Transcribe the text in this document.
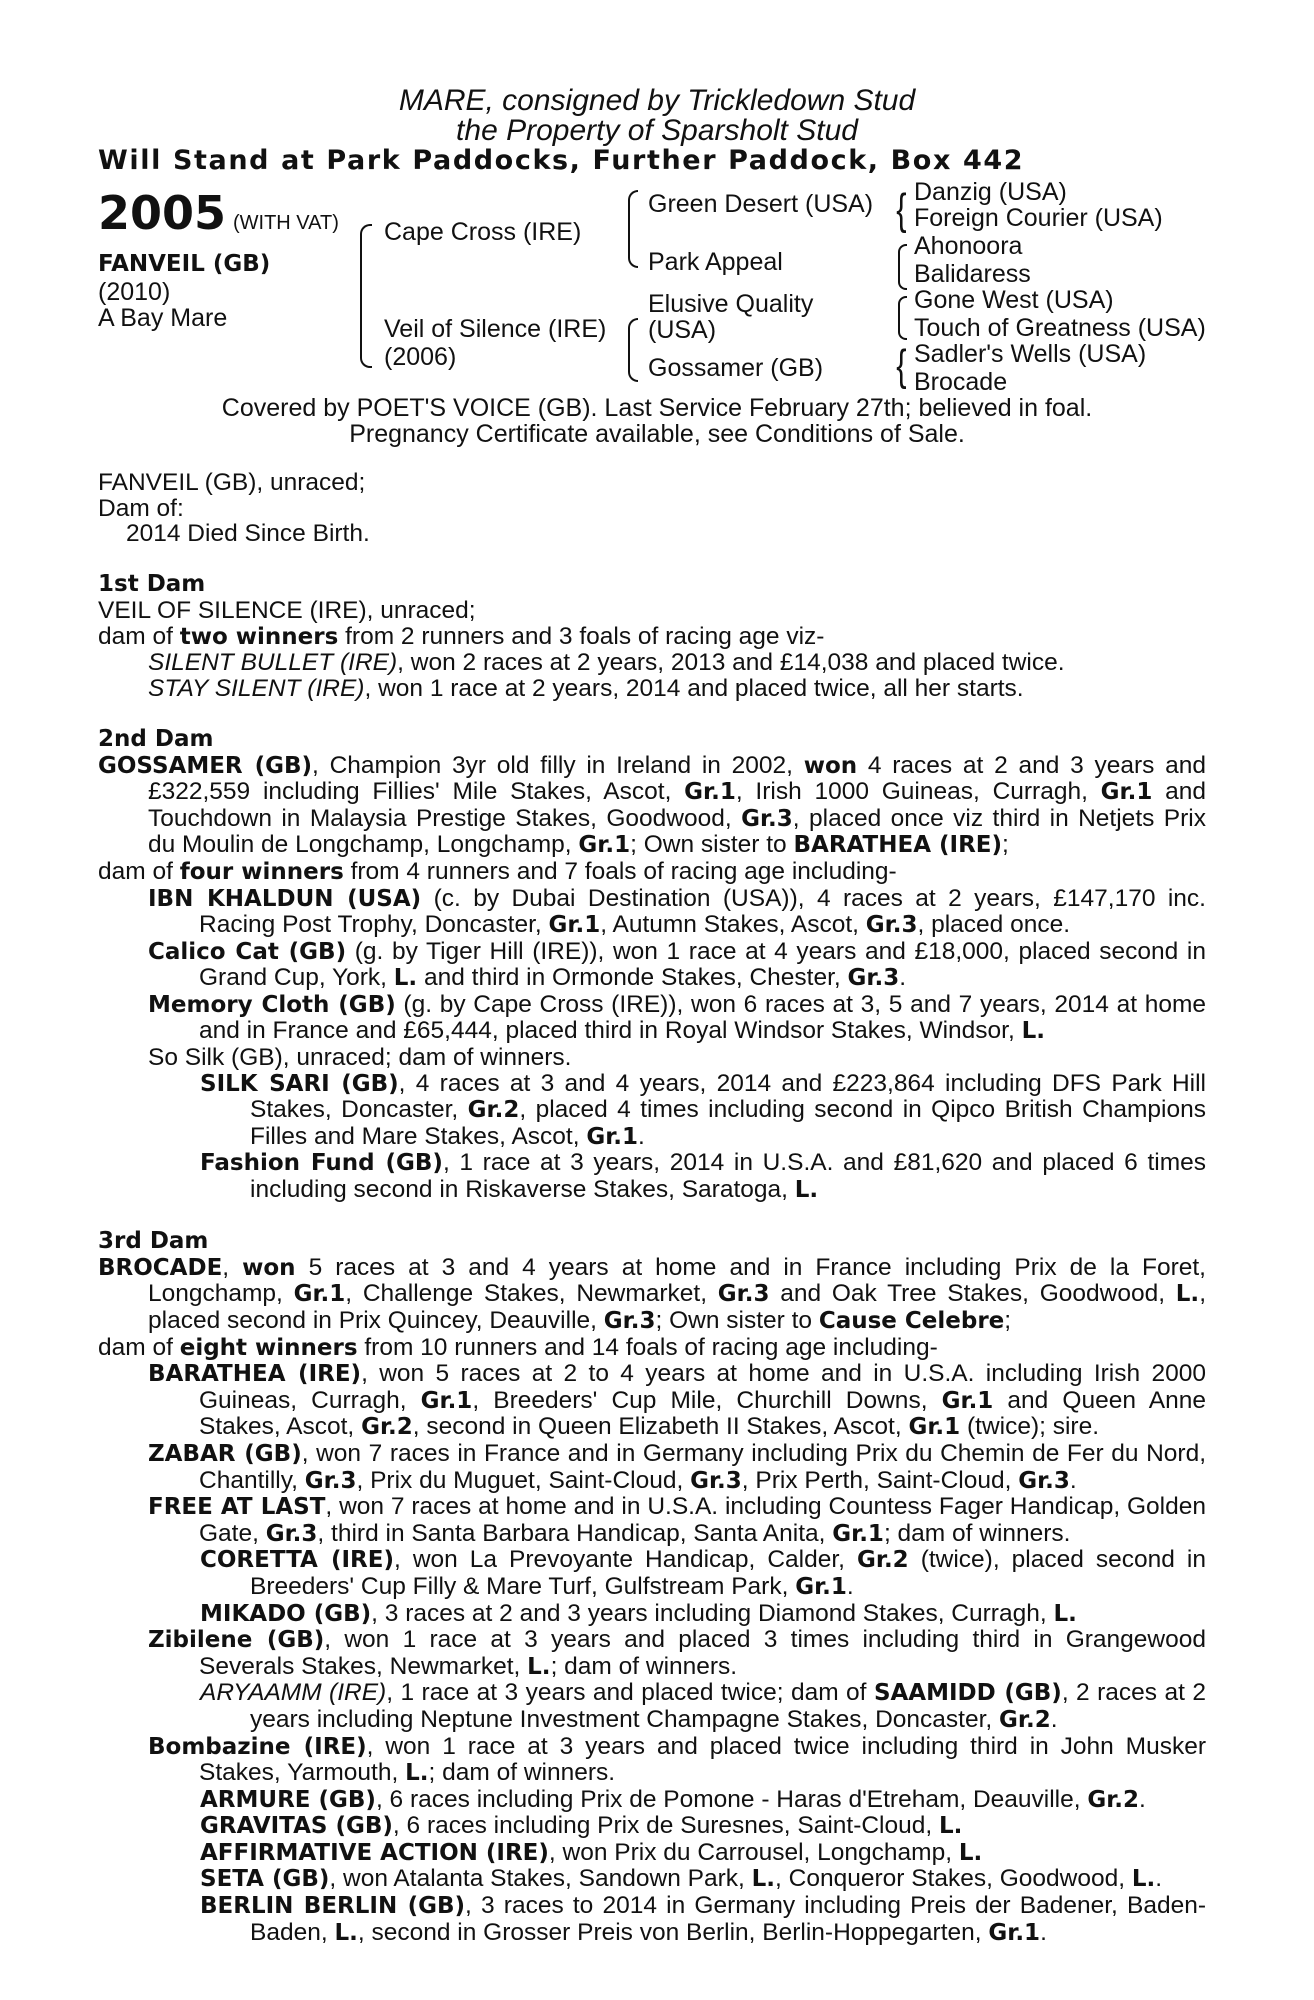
MARE, consigned by Trickledown Stud
the Property of Sparsholt Stud
Will Stand at Park Paddocks, Further Paddock, Box 442
2005 (WITH VAT)
FANVEIL (GB)
(2010)
A Bay Mare
{
{
Cape Cross (IRE)
Veil of Silence (IRE)
(2006)
Green Desert (USA)
Park Appeal
Elusive Quality
(USA)
Gossamer (GB)
Danzig (USA)
Foreign Courier (USA)
Ahonoora
Balidaress
Gone West (USA)
Touch of Greatness (USA)
Sadler's Wells (USA)
Brocade
Covered by POET'S VOICE (GB). Last Service February 27th; believed in foal.
Pregnancy Certificate available, see Conditions of Sale.

FANVEIL (GB), unraced;

Dam of:

2014 Died Since Birth.

1st Dam

VEIL OF SILENCE (IRE), unraced;

dam of two winners from 2 runners and 3 foals of racing age viz-

SILENT BULLET (IRE), won 2 races at 2 years, 2013 and £14,038 and placed twice.

STAY SILENT (IRE), won 1 race at 2 years, 2014 and placed twice, all her starts.

2nd Dam

GOSSAMER (GB), Champion 3yr old filly in Ireland in 2002, won 4 races at 2 and 3 years and £322,559 including Fillies' Mile Stakes, Ascot, Gr.1, Irish 1000 Guineas, Curragh, Gr.1 and Touchdown in Malaysia Prestige Stakes, Goodwood, Gr.3, placed once viz third in Netjets Prix du Moulin de Longchamp, Longchamp, Gr.1; Own sister to BARATHEA (IRE);

dam of four winners from 4 runners and 7 foals of racing age including-

IBN KHALDUN (USA) (c. by Dubai Destination (USA)), 4 races at 2 years, £147,170 inc. Racing Post Trophy, Doncaster, Gr.1, Autumn Stakes, Ascot, Gr.3, placed once.

Calico Cat (GB) (g. by Tiger Hill (IRE)), won 1 race at 4 years and £18,000, placed second in Grand Cup, York, L. and third in Ormonde Stakes, Chester, Gr.3.

Memory Cloth (GB) (g. by Cape Cross (IRE)), won 6 races at 3, 5 and 7 years, 2014 at home and in France and £65,444, placed third in Royal Windsor Stakes, Windsor, L.

So Silk (GB), unraced; dam of winners.

SILK SARI (GB), 4 races at 3 and 4 years, 2014 and £223,864 including DFS Park Hill Stakes, Doncaster, Gr.2, placed 4 times including second in Qipco British Champions Filles and Mare Stakes, Ascot, Gr.1.

Fashion Fund (GB), 1 race at 3 years, 2014 in U.S.A. and £81,620 and placed 6 times including second in Riskaverse Stakes, Saratoga, L.

3rd Dam

BROCADE, won 5 races at 3 and 4 years at home and in France including Prix de la Foret, Longchamp, Gr.1, Challenge Stakes, Newmarket, Gr.3 and Oak Tree Stakes, Goodwood, L., placed second in Prix Quincey, Deauville, Gr.3; Own sister to Cause Celebre;

dam of eight winners from 10 runners and 14 foals of racing age including-

BARATHEA (IRE), won 5 races at 2 to 4 years at home and in U.S.A. including Irish 2000 Guineas, Curragh, Gr.1, Breeders' Cup Mile, Churchill Downs, Gr.1 and Queen Anne Stakes, Ascot, Gr.2, second in Queen Elizabeth II Stakes, Ascot, Gr.1 (twice); sire.

ZABAR (GB), won 7 races in France and in Germany including Prix du Chemin de Fer du Nord, Chantilly, Gr.3, Prix du Muguet, Saint-Cloud, Gr.3, Prix Perth, Saint-Cloud, Gr.3.

FREE AT LAST, won 7 races at home and in U.S.A. including Countess Fager Handicap, Golden Gate, Gr.3, third in Santa Barbara Handicap, Santa Anita, Gr.1; dam of winners.

CORETTA (IRE), won La Prevoyante Handicap, Calder, Gr.2 (twice), placed second in Breeders' Cup Filly & Mare Turf, Gulfstream Park, Gr.1.

MIKADO (GB), 3 races at 2 and 3 years including Diamond Stakes, Curragh, L.

Zibilene (GB), won 1 race at 3 years and placed 3 times including third in Grangewood Severals Stakes, Newmarket, L.; dam of winners.

ARYAAMM (IRE), 1 race at 3 years and placed twice; dam of SAAMIDD (GB), 2 races at 2 years including Neptune Investment Champagne Stakes, Doncaster, Gr.2.

Bombazine (IRE), won 1 race at 3 years and placed twice including third in John Musker Stakes, Yarmouth, L.; dam of winners.

ARMURE (GB), 6 races including Prix de Pomone - Haras d'Etreham, Deauville, Gr.2.

GRAVITAS (GB), 6 races including Prix de Suresnes, Saint-Cloud, L.

AFFIRMATIVE ACTION (IRE), won Prix du Carrousel, Longchamp, L.

SETA (GB), won Atalanta Stakes, Sandown Park, L., Conqueror Stakes, Goodwood, L..

BERLIN BERLIN (GB), 3 races to 2014 in Germany including Preis der Badener, Baden-Baden, L., second in Grosser Preis von Berlin, Berlin-Hoppegarten, Gr.1.
